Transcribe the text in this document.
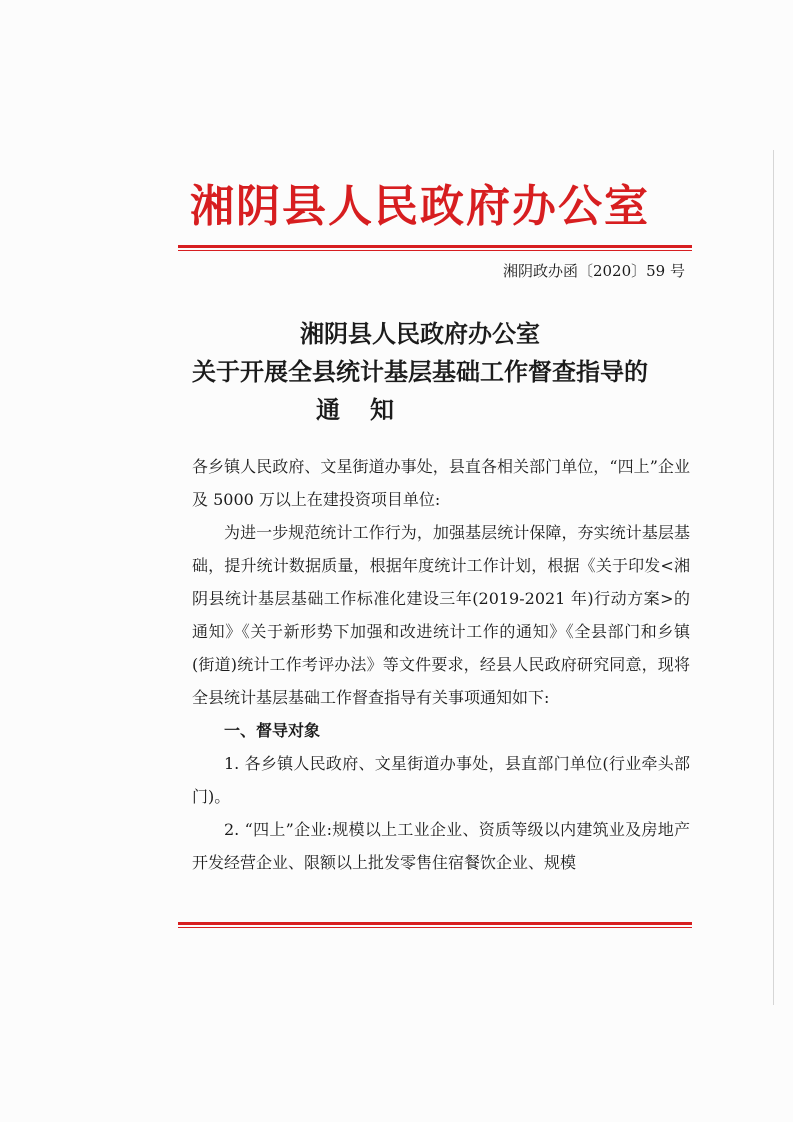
湘阴县人民政府办公室
湘阴政办函〔2020〕59 号
湘阴县人民政府办公室
关于开展全县统计基层基础工作督查指导的
通知

各乡镇人民政府、文星街道办事处，县直各相关部门单位，“四上”企业及 5000 万以上在建投资项目单位:

为进一步规范统计工作行为，加强基层统计保障，夯实统计基层基础，提升统计数据质量，根据年度统计工作计划，根据《关于印发<湘阴县统计基层基础工作标准化建设三年(2019-2021 年)行动方案>的通知》《关于新形势下加强和改进统计工作的通知》《全县部门和乡镇(街道)统计工作考评办法》等文件要求，经县人民政府研究同意，现将全县统计基层基础工作督查指导有关事项通知如下:

一、督导对象

1. 各乡镇人民政府、文星街道办事处，县直部门单位(行业牵头部门)。

2. “四上”企业:规模以上工业企业、资质等级以内建筑业及房地产开发经营企业、限额以上批发零售住宿餐饮企业、规模
